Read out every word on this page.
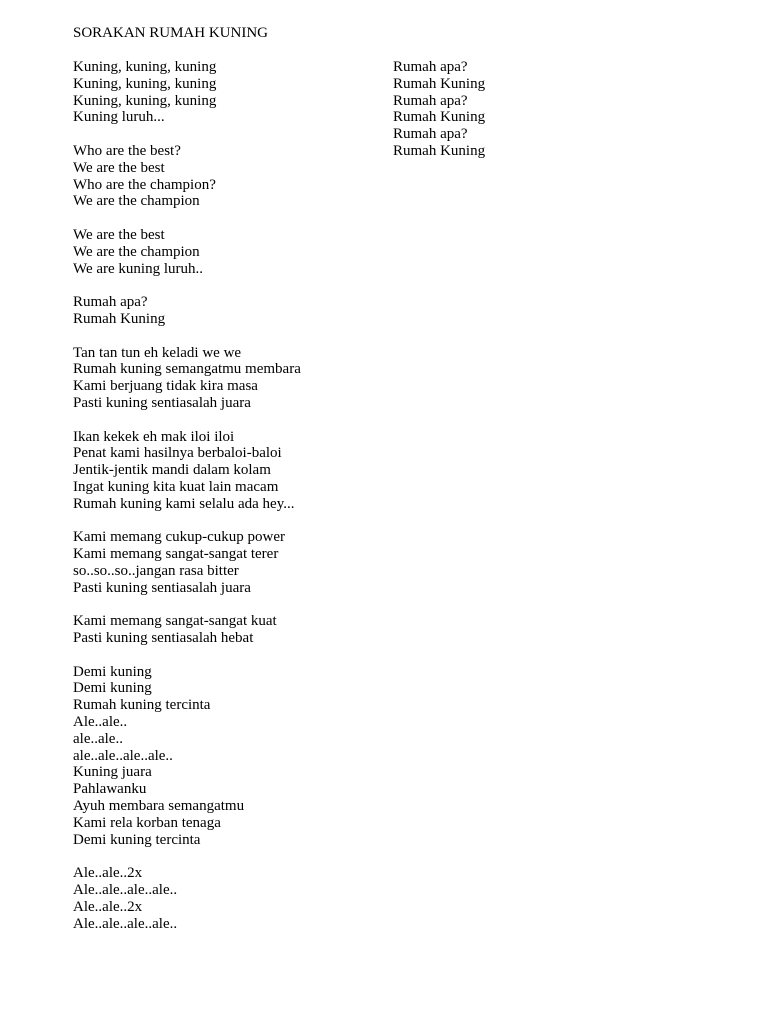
SORAKAN RUMAH KUNING
Kuning, kuning, kuning
Kuning, kuning, kuning
Kuning, kuning, kuning
Kuning luruh...
Who are the best?
We are the best
Who are the champion?
We are the champion
We are the best
We are the champion
We are kuning luruh..
Rumah apa?
Rumah Kuning
Tan tan tun eh keladi we we
Rumah kuning semangatmu membara
Kami berjuang tidak kira masa
Pasti kuning sentiasalah juara
Ikan kekek eh mak iloi iloi
Penat kami hasilnya berbaloi-baloi
Jentik-jentik mandi dalam kolam
Ingat kuning kita kuat lain macam
Rumah kuning kami selalu ada hey...
Kami memang cukup-cukup power
Kami memang sangat-sangat terer
so..so..so..jangan rasa bitter
Pasti kuning sentiasalah juara
Kami memang sangat-sangat kuat
Pasti kuning sentiasalah hebat
Demi kuning
Demi kuning
Rumah kuning tercinta
Ale..ale..
ale..ale..
ale..ale..ale..ale..
Kuning juara
Pahlawanku
Ayuh membara semangatmu
Kami rela korban tenaga
Demi kuning tercinta
Ale..ale..2x
Ale..ale..ale..ale..
Ale..ale..2x
Ale..ale..ale..ale..
Rumah apa?
Rumah Kuning
Rumah apa?
Rumah Kuning
Rumah apa?
Rumah Kuning
